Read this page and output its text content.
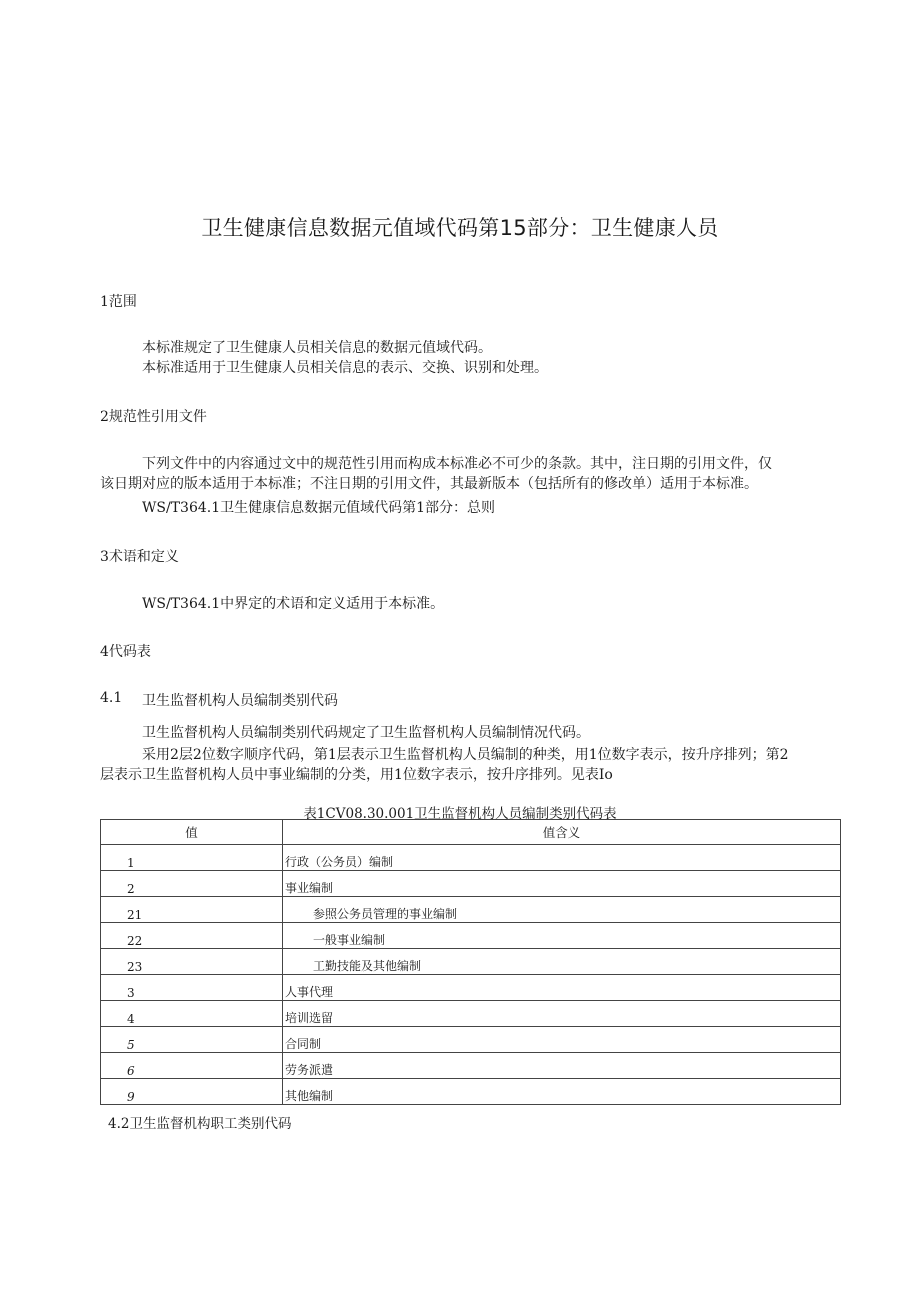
卫生健康信息数据元值域代码第15部分：卫生健康人员
1范围
本标准规定了卫生健康人员相关信息的数据元值域代码。
本标准适用于卫生健康人员相关信息的表示、交换、识别和处理。
2规范性引用文件
下列文件中的内容通过文中的规范性引用而构成本标准必不可少的条款。其中，注日期的引用文件，仅
该日期对应的版本适用于本标准；不注日期的引用文件，其最新版本（包括所有的修改单）适用于本标准。
WS/T364.1卫生健康信息数据元值域代码第1部分：总则
3术语和定义
WS/T364.1中界定的术语和定义适用于本标准。
4代码表
4.1 卫生监督机构人员编制类别代码
卫生监督机构人员编制类别代码规定了卫生监督机构人员编制情况代码。
采用2层2位数字顺序代码，第1层表示卫生监督机构人员编制的种类，用1位数字表示，按升序排列；第2
层表示卫生监督机构人员中事业编制的分类，用1位数字表示，按升序排列。见表Io
表1CV08.30.001卫生监督机构人员编制类别代码表
值	值含义
1	行政（公务员）编制
2	事业编制
21	参照公务员管理的事业编制
22	一般事业编制
23	工勤技能及其他编制
3	人事代理
4	培训选留
5	合同制
6	劳务派遣
9	其他编制
4.2卫生监督机构职工类别代码
